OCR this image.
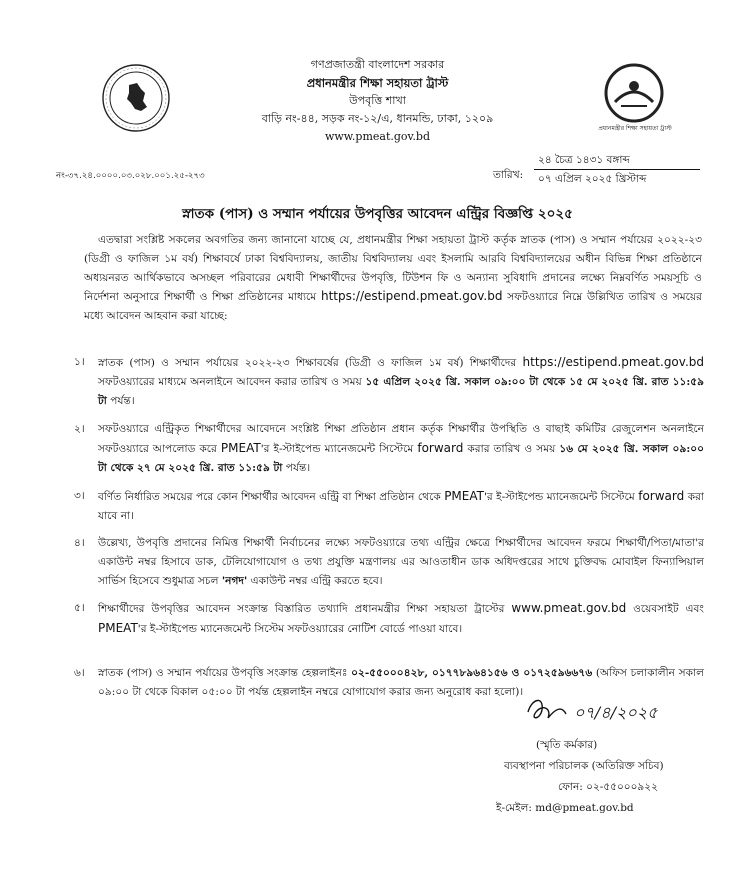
প্রধানমন্ত্রীর শিক্ষা সহায়তা ট্রাস্ট
গণপ্রজাতন্ত্রী বাংলাদেশ সরকার
প্রধানমন্ত্রীর শিক্ষা সহায়তা ট্রাস্ট
উপবৃত্তি শাখা
বাড়ি নং-৪৪, সড়ক নং-১২/এ, ধানমন্ডি, ঢাকা, ১২০৯
www.pmeat.gov.bd
নং-৩৭.২৪.০০০০.০৩.০২৮.০০১.২৫-২৭৩	তারিখ:
২৪ চৈত্র ১৪৩১ বঙ্গাব্দ
০৭ এপ্রিল ২০২৫ খ্রিস্টাব্দ
স্নাতক (পাস) ও সম্মান পর্যায়ের উপবৃত্তির আবেদন এন্ট্রির বিজ্ঞপ্তি ২০২৫
এতদ্বারা সংশ্লিষ্ট সকলের অবগতির জন্য জানানো যাচ্ছে যে, প্রধানমন্ত্রীর শিক্ষা সহায়তা ট্রাস্ট কর্তৃক স্নাতক (পাস) ও সম্মান পর্যায়ের ২০২২-২৩ (ডিগ্রী ও ফাজিল ১ম বর্ষ) শিক্ষাবর্ষে ঢাকা বিশ্ববিদ্যালয়, জাতীয় বিশ্ববিদ্যালয় এবং ইসলামি আরবি বিশ্ববিদ্যালয়ের অধীন বিভিন্ন শিক্ষা প্রতিষ্ঠানে অধ্যয়নরত আর্থিকভাবে অসচ্ছল পরিবারের মেধাবী শিক্ষার্থীদের উপবৃত্তি, টিউশন ফি ও অন্যান্য সুবিধাদি প্রদানের লক্ষ্যে নিম্নবর্ণিত সময়সূচি ও নির্দেশনা অনুসারে শিক্ষার্থী ও শিক্ষা প্রতিষ্ঠানের মাধ্যমে https://estipend.pmeat.gov.bd সফটওয়্যারে নিম্নে উল্লিখিত তারিখ ও সময়ের মধ্যে আবেদন আহবান করা যাচ্ছে:
১।	স্নাতক (পাস) ও সম্মান পর্যায়ের ২০২২-২৩ শিক্ষাবর্ষের (ডিগ্রী ও ফাজিল ১ম বর্ষ) শিক্ষার্থীদের https://estipend.pmeat.gov.bd সফটওয়্যারের মাধ্যমে অনলাইনে আবেদন করার তারিখ ও সময় ১৫ এপ্রিল ২০২৫ খ্রি. সকাল ০৯:০০ টা থেকে ১৫ মে ২০২৫ খ্রি. রাত ১১:৫৯ টা পর্যন্ত।
২।	সফটওয়্যারে এন্ট্রিকৃত শিক্ষার্থীদের আবেদনে সংশ্লিষ্ট শিক্ষা প্রতিষ্ঠান প্রধান কর্তৃক শিক্ষার্থীর উপস্থিতি ও বাছাই কমিটির রেজুলেশন অনলাইনে সফটওয়্যারে আপলোড করে PMEAT'র ই-স্টাইপেন্ড ম্যানেজমেন্ট সিস্টেমে forward করার তারিখ ও সময় ১৬ মে ২০২৫ খ্রি. সকাল ০৯:০০ টা থেকে ২৭ মে ২০২৫ খ্রি. রাত ১১:৫৯ টা পর্যন্ত।
৩।	বর্ণিত নির্ধারিত সময়ের পরে কোন শিক্ষার্থীর আবেদন এন্ট্রি বা শিক্ষা প্রতিষ্ঠান থেকে PMEAT'র ই-স্টাইপেন্ড ম্যানেজমেন্ট সিস্টেমে forward করা যাবে না।
৪।	উল্লেখ্য, উপবৃত্তি প্রদানের নিমিত্ত শিক্ষার্থী নির্বাচনের লক্ষ্যে সফটওয়্যারে তথ্য এন্ট্রির ক্ষেত্রে শিক্ষার্থীদের আবেদন ফরমে শিক্ষার্থী/পিতা/মাতা'র একাউন্ট নম্বর হিসাবে ডাক, টেলিযোগাযোগ ও তথ্য প্রযুক্তি মন্ত্রণালয় এর আওতাধীন ডাক অধিদপ্তরের সাথে চুক্তিবদ্ধ মোবাইল ফিন্যান্সিয়াল সার্ভিস হিসেবে শুধুমাত্র সচল 'নগদ' একাউন্ট নম্বর এন্ট্রি করতে হবে।
৫।	শিক্ষার্থীদের উপবৃত্তির আবেদন সংক্রান্ত বিস্তারিত তথ্যাদি প্রধানমন্ত্রীর শিক্ষা সহায়তা ট্রাস্টের www.pmeat.gov.bd ওয়েবসাইট এবং PMEAT'র ই-স্টাইপেন্ড ম্যানেজমেন্ট সিস্টেম সফটওয়্যারের নোটিশ বোর্ডে পাওয়া যাবে।
৬।	স্নাতক (পাস) ও সম্মান পর্যায়ের উপবৃত্তি সংক্রান্ত হেল্পলাইনঃ ০২-৫৫০০০৪২৮, ০১৭৭৮৯৬৪১৫৬ ও ০১৭২৫৯৬৬৭৬ (অফিস চলাকালীন সকাল ০৯:০০ টা থেকে বিকাল ০৫:০০ টা পর্যন্ত হেল্পলাইন নম্বরে যোগাযোগ করার জন্য অনুরোধ করা হলো)।
০৭/৪/২০২৫
(স্মৃতি কর্মকার)
ব্যবস্থাপনা পরিচালক (অতিরিক্ত সচিব)
ফোন: ০২-৫৫০০০৯২২
ই-মেইল: md@pmeat.gov.bd
